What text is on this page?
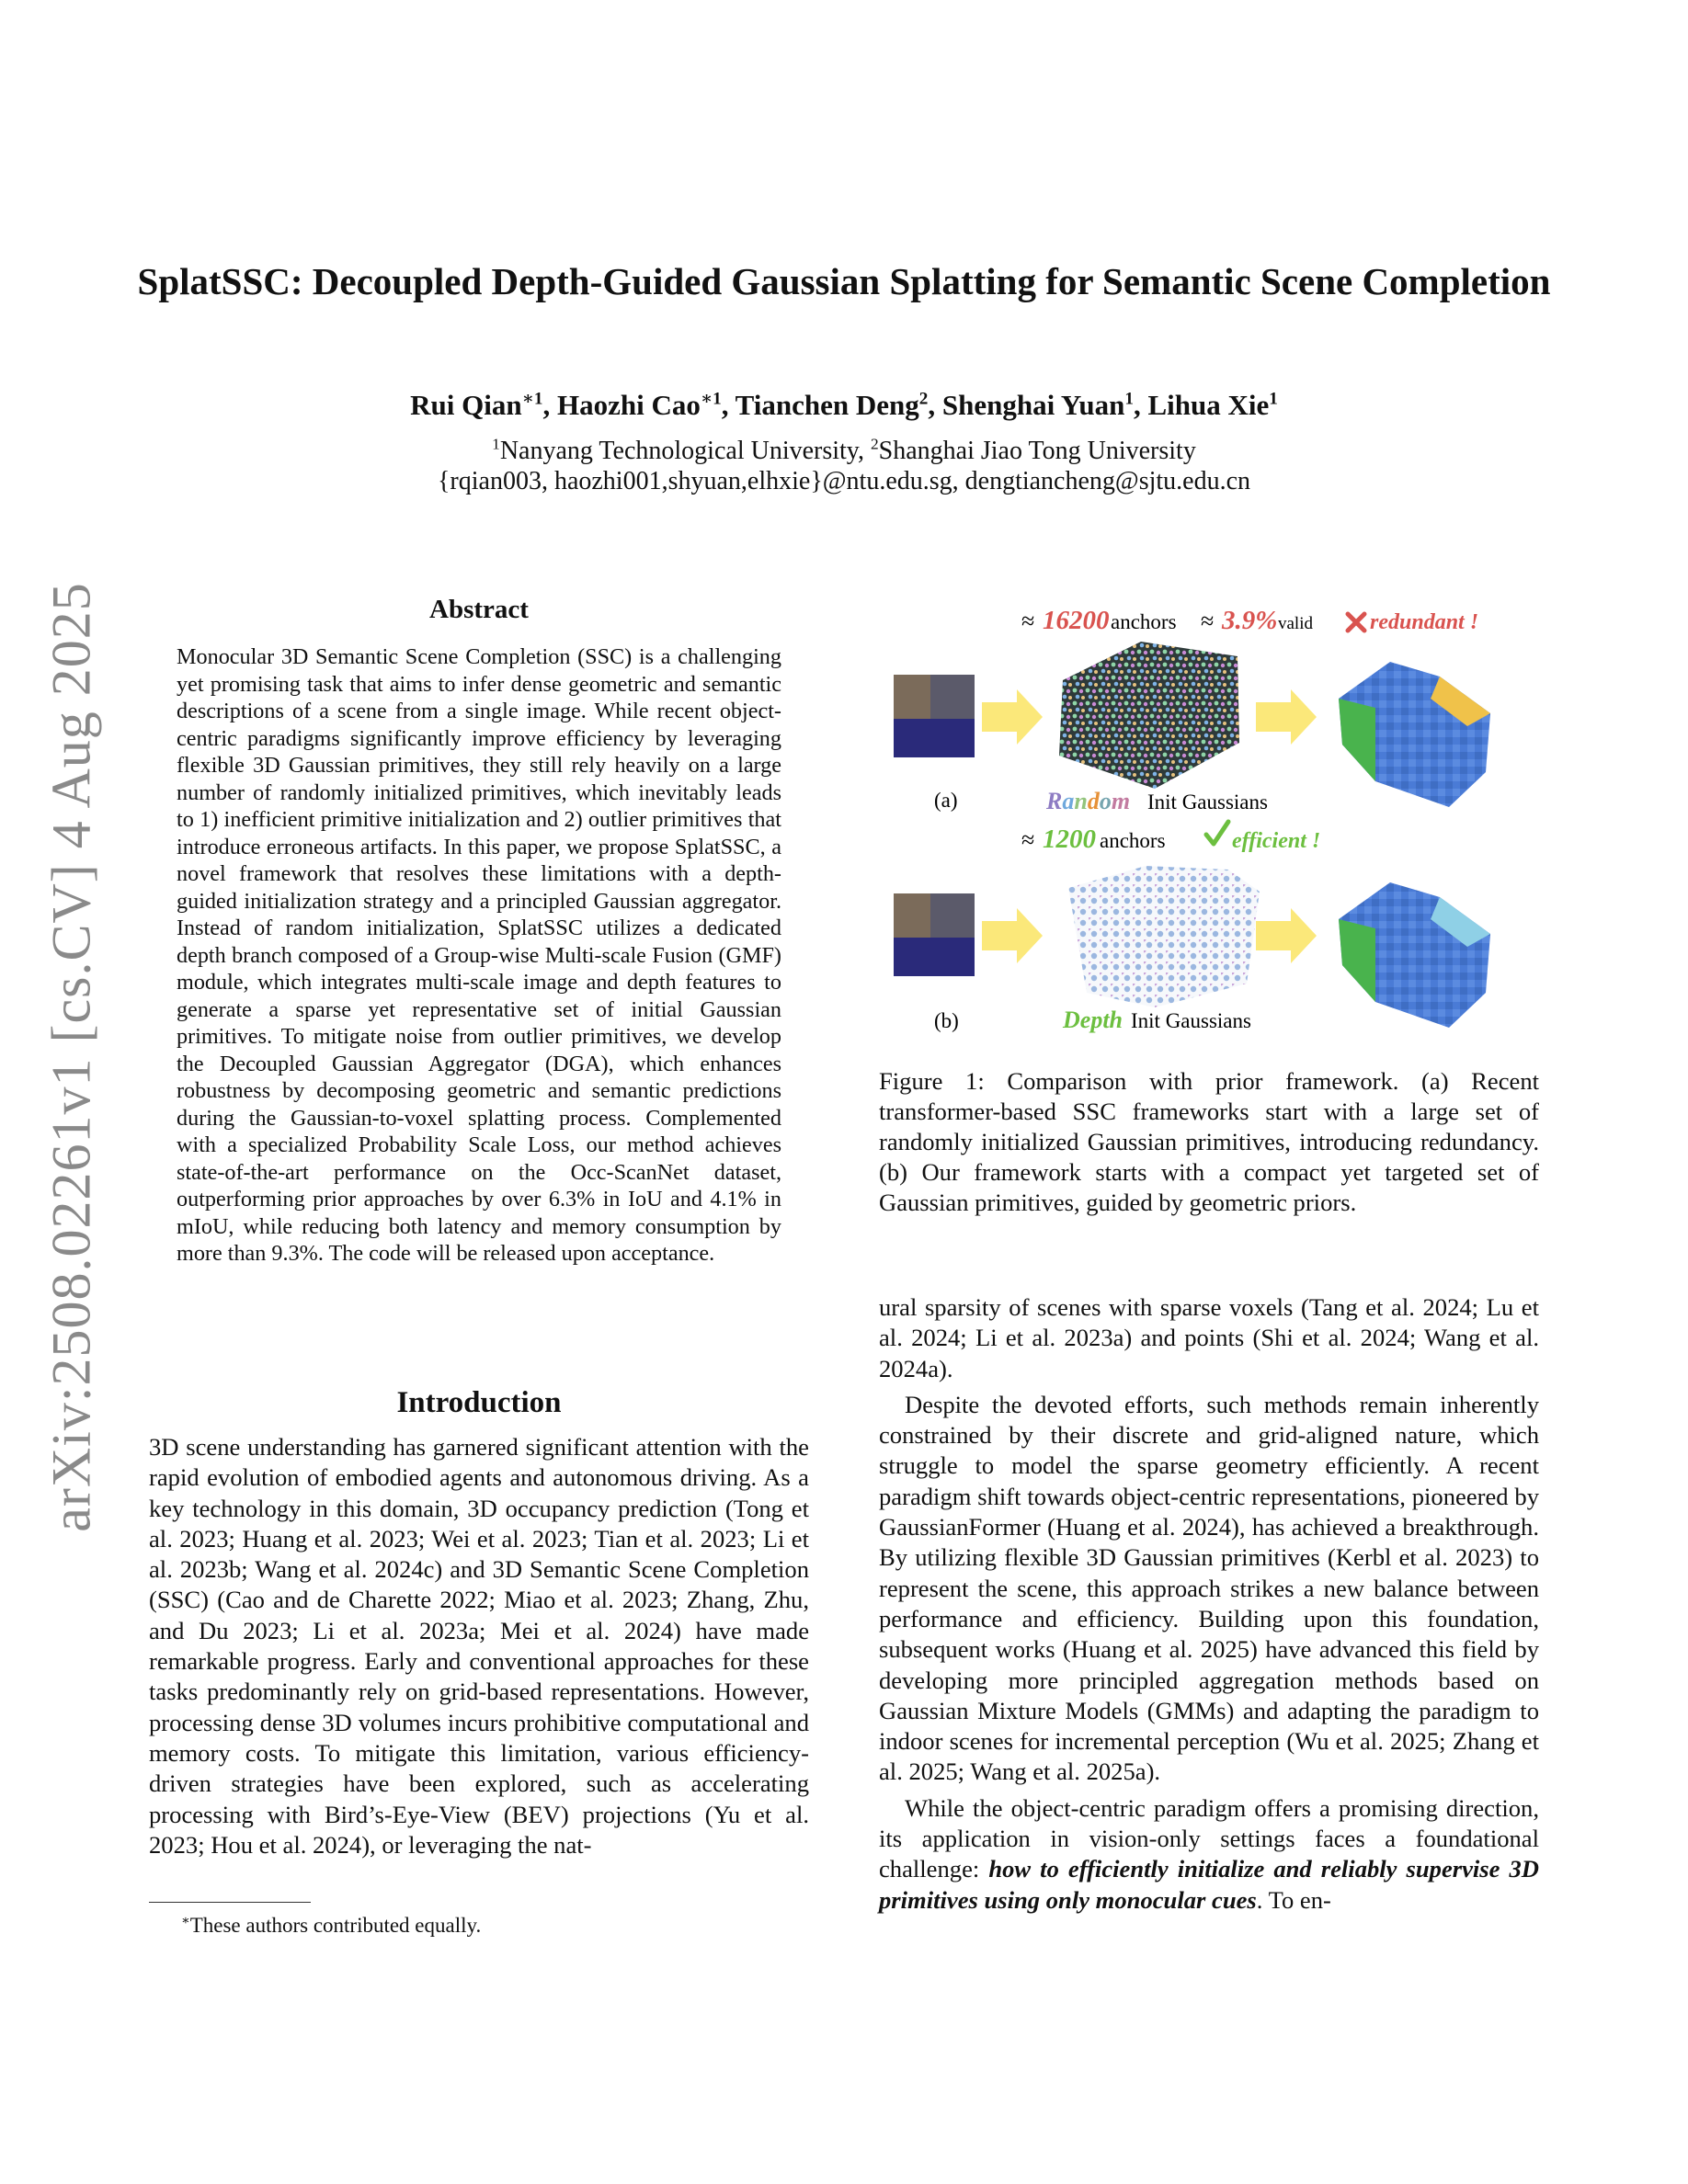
SplatSSC: Decoupled Depth-Guided Gaussian Splatting for Semantic Scene Completion
Rui Qian$^{∗1}$, Haozhi Cao$^{∗1}$, Tianchen Deng$^2$, Shenghai Yuan$^1$, Lihua Xie$^1$
$^1$Nanyang Technological University, $^2$Shanghai Jiao Tong University
{rqian003, haozhi001,shyuan,elhxie}@ntu.edu.sg, dengtiancheng@sjtu.edu.cn
arXiv:2508.02261v1 [cs.CV] 4 Aug 2025	Abstract
Monocular 3D Semantic Scene Completion (SSC) is a challenging yet promising task that aims to infer dense geometric and semantic descriptions of a scene from a single image. While recent object-centric paradigms significantly improve efficiency by leveraging flexible 3D Gaussian primitives, they still rely heavily on a large number of randomly initialized primitives, which inevitably leads to 1) inefficient primitive initialization and 2) outlier primitives that introduce erroneous artifacts. In this paper, we propose SplatSSC, a novel framework that resolves these limitations with a depth-guided initialization strategy and a principled Gaussian aggregator. Instead of random initialization, SplatSSC utilizes a dedicated depth branch composed of a Group-wise Multi-scale Fusion (GMF) module, which integrates multi-scale image and depth features to generate a sparse yet representative set of initial Gaussian primitives. To mitigate noise from outlier primitives, we develop the Decoupled Gaussian Aggregator (DGA), which enhances robustness by decomposing geometric and semantic predictions during the Gaussian-to-voxel splatting process. Complemented with a specialized Probability Scale Loss, our method achieves state-of-the-art performance on the Occ-ScanNet dataset, outperforming prior approaches by over 6.3% in IoU and 4.1% in mIoU, while reducing both latency and memory consumption by more than 9.3%. The code will be released upon acceptance.
Introduction

3D scene understanding has garnered significant attention with the rapid evolution of embodied agents and autonomous driving. As a key technology in this domain, 3D occupancy prediction (Tong et al. 2023; Huang et al. 2023; Wei et al. 2023; Tian et al. 2023; Li et al. 2023b; Wang et al. 2024c) and 3D Semantic Scene Completion (SSC) (Cao and de Charette 2022; Miao et al. 2023; Zhang, Zhu, and Du 2023; Li et al. 2023a; Mei et al. 2024) have made remarkable progress. Early and conventional approaches for these tasks predominantly rely on grid-based representations. However, processing dense 3D volumes incurs prohibitive computational and memory costs. To mitigate this limitation, various efficiency-driven strategies have been explored, such as accelerating processing with Bird’s-Eye-View (BEV) projections (Yu et al. 2023; Hou et al. 2024), or leveraging the nat-

≈ 16200 anchors ≈ 3.9% valid	redundant !
(a)	Random Init Gaussians
≈ 1200 anchors	efficient !
(b)	Depth Init Gaussians
Figure 1: Comparison with prior framework. (a) Recent transformer-based SSC frameworks start with a large set of randomly initialized Gaussian primitives, introducing redundancy. (b) Our framework starts with a compact yet targeted set of Gaussian primitives, guided by geometric priors.

ural sparsity of scenes with sparse voxels (Tang et al. 2024; Lu et al. 2024; Li et al. 2023a) and points (Shi et al. 2024; Wang et al. 2024a).

Despite the devoted efforts, such methods remain inherently constrained by their discrete and grid-aligned nature, which struggle to model the sparse geometry efficiently. A recent paradigm shift towards object-centric representations, pioneered by GaussianFormer (Huang et al. 2024), has achieved a breakthrough. By utilizing flexible 3D Gaussian primitives (Kerbl et al. 2023) to represent the scene, this approach strikes a new balance between performance and efficiency. Building upon this foundation, subsequent works (Huang et al. 2025) have advanced this field by developing more principled aggregation methods based on Gaussian Mixture Models (GMMs) and adapting the paradigm to indoor scenes for incremental perception (Wu et al. 2025; Zhang et al. 2025; Wang et al. 2025a).

While the object-centric paradigm offers a promising direction, its application in vision-only settings faces a foundational challenge: how to efficiently initialize and reliably supervise 3D primitives using only monocular cues. To en-

∗These authors contributed equally.
